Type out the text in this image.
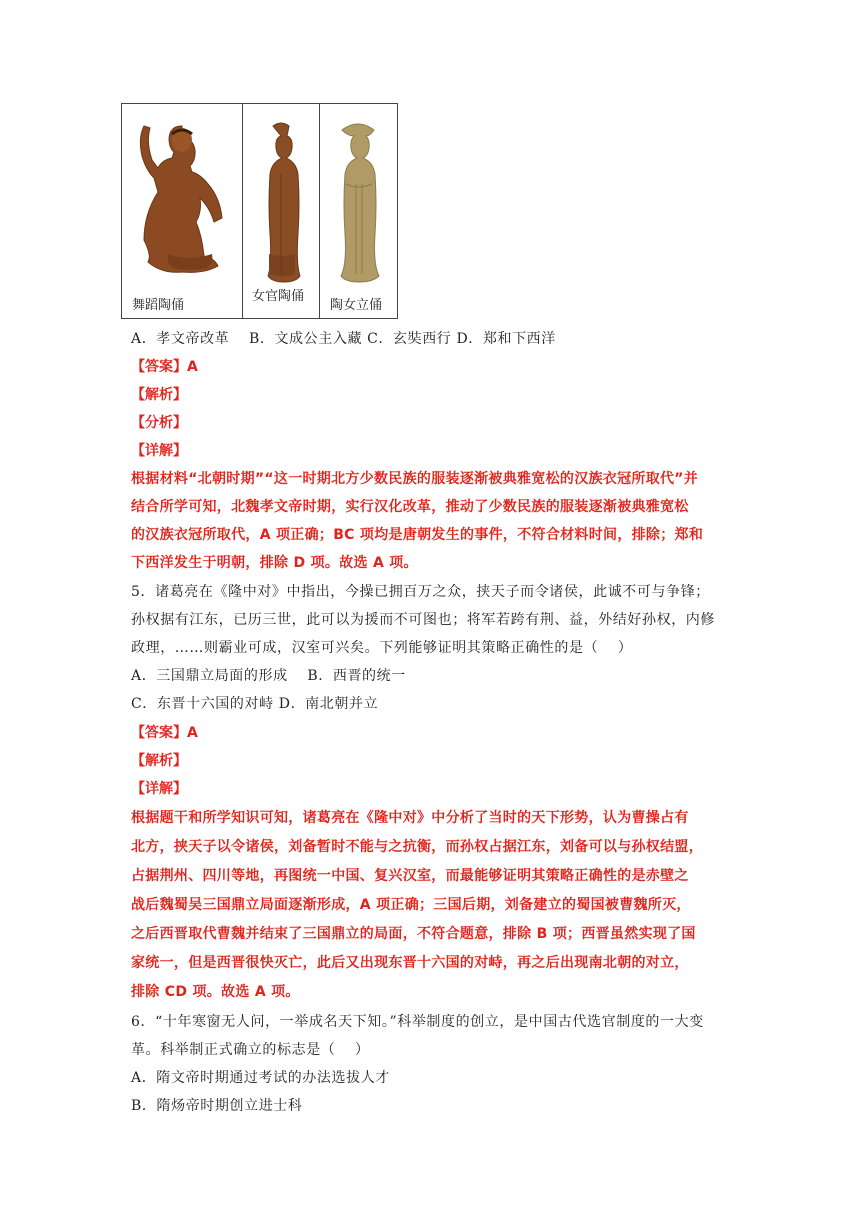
舞蹈陶俑
女官陶俑
陶女立俑
A．孝文帝改革　 B．文成公主入藏 C．玄奘西行 D．郑和下西洋
【答案】A
【解析】
【分析】
【详解】
根据材料“北朝时期”“这一时期北方少数民族的服装逐渐被典雅宽松的汉族衣冠所取代”并
结合所学可知，北魏孝文帝时期，实行汉化改革，推动了少数民族的服装逐渐被典雅宽松
的汉族衣冠所取代，A 项正确；BC 项均是唐朝发生的事件，不符合材料时间，排除；郑和
下西洋发生于明朝，排除 D 项。故选 A 项。
5．诸葛亮在《隆中对》中指出，今操已拥百万之众，挟天子而令诸侯，此诚不可与争锋；
孙权据有江东，已历三世，此可以为援而不可图也；将军若跨有荆、益，外结好孙权，内修
政理，……则霸业可成，汉室可兴矣。下列能够证明其策略正确性的是（　 ）
A．三国鼎立局面的形成　 B．西晋的统一
C．东晋十六国的对峙 D．南北朝并立
【答案】A
【解析】
【详解】
根据题干和所学知识可知，诸葛亮在《隆中对》中分析了当时的天下形势，认为曹操占有
北方，挟天子以令诸侯，刘备暂时不能与之抗衡，而孙权占据江东，刘备可以与孙权结盟，
占据荆州、四川等地，再图统一中国、复兴汉室，而最能够证明其策略正确性的是赤壁之
战后魏蜀吴三国鼎立局面逐渐形成，A 项正确；三国后期，刘备建立的蜀国被曹魏所灭，
之后西晋取代曹魏并结束了三国鼎立的局面，不符合题意，排除 B 项；西晋虽然实现了国
家统一，但是西晋很快灭亡，此后又出现东晋十六国的对峙，再之后出现南北朝的对立，
排除 CD 项。故选 A 项。
6．“十年寒窗无人问，一举成名天下知。”科举制度的创立，是中国古代选官制度的一大变
革。科举制正式确立的标志是（　 ）
A．隋文帝时期通过考试的办法选拔人才
B．隋炀帝时期创立进士科
